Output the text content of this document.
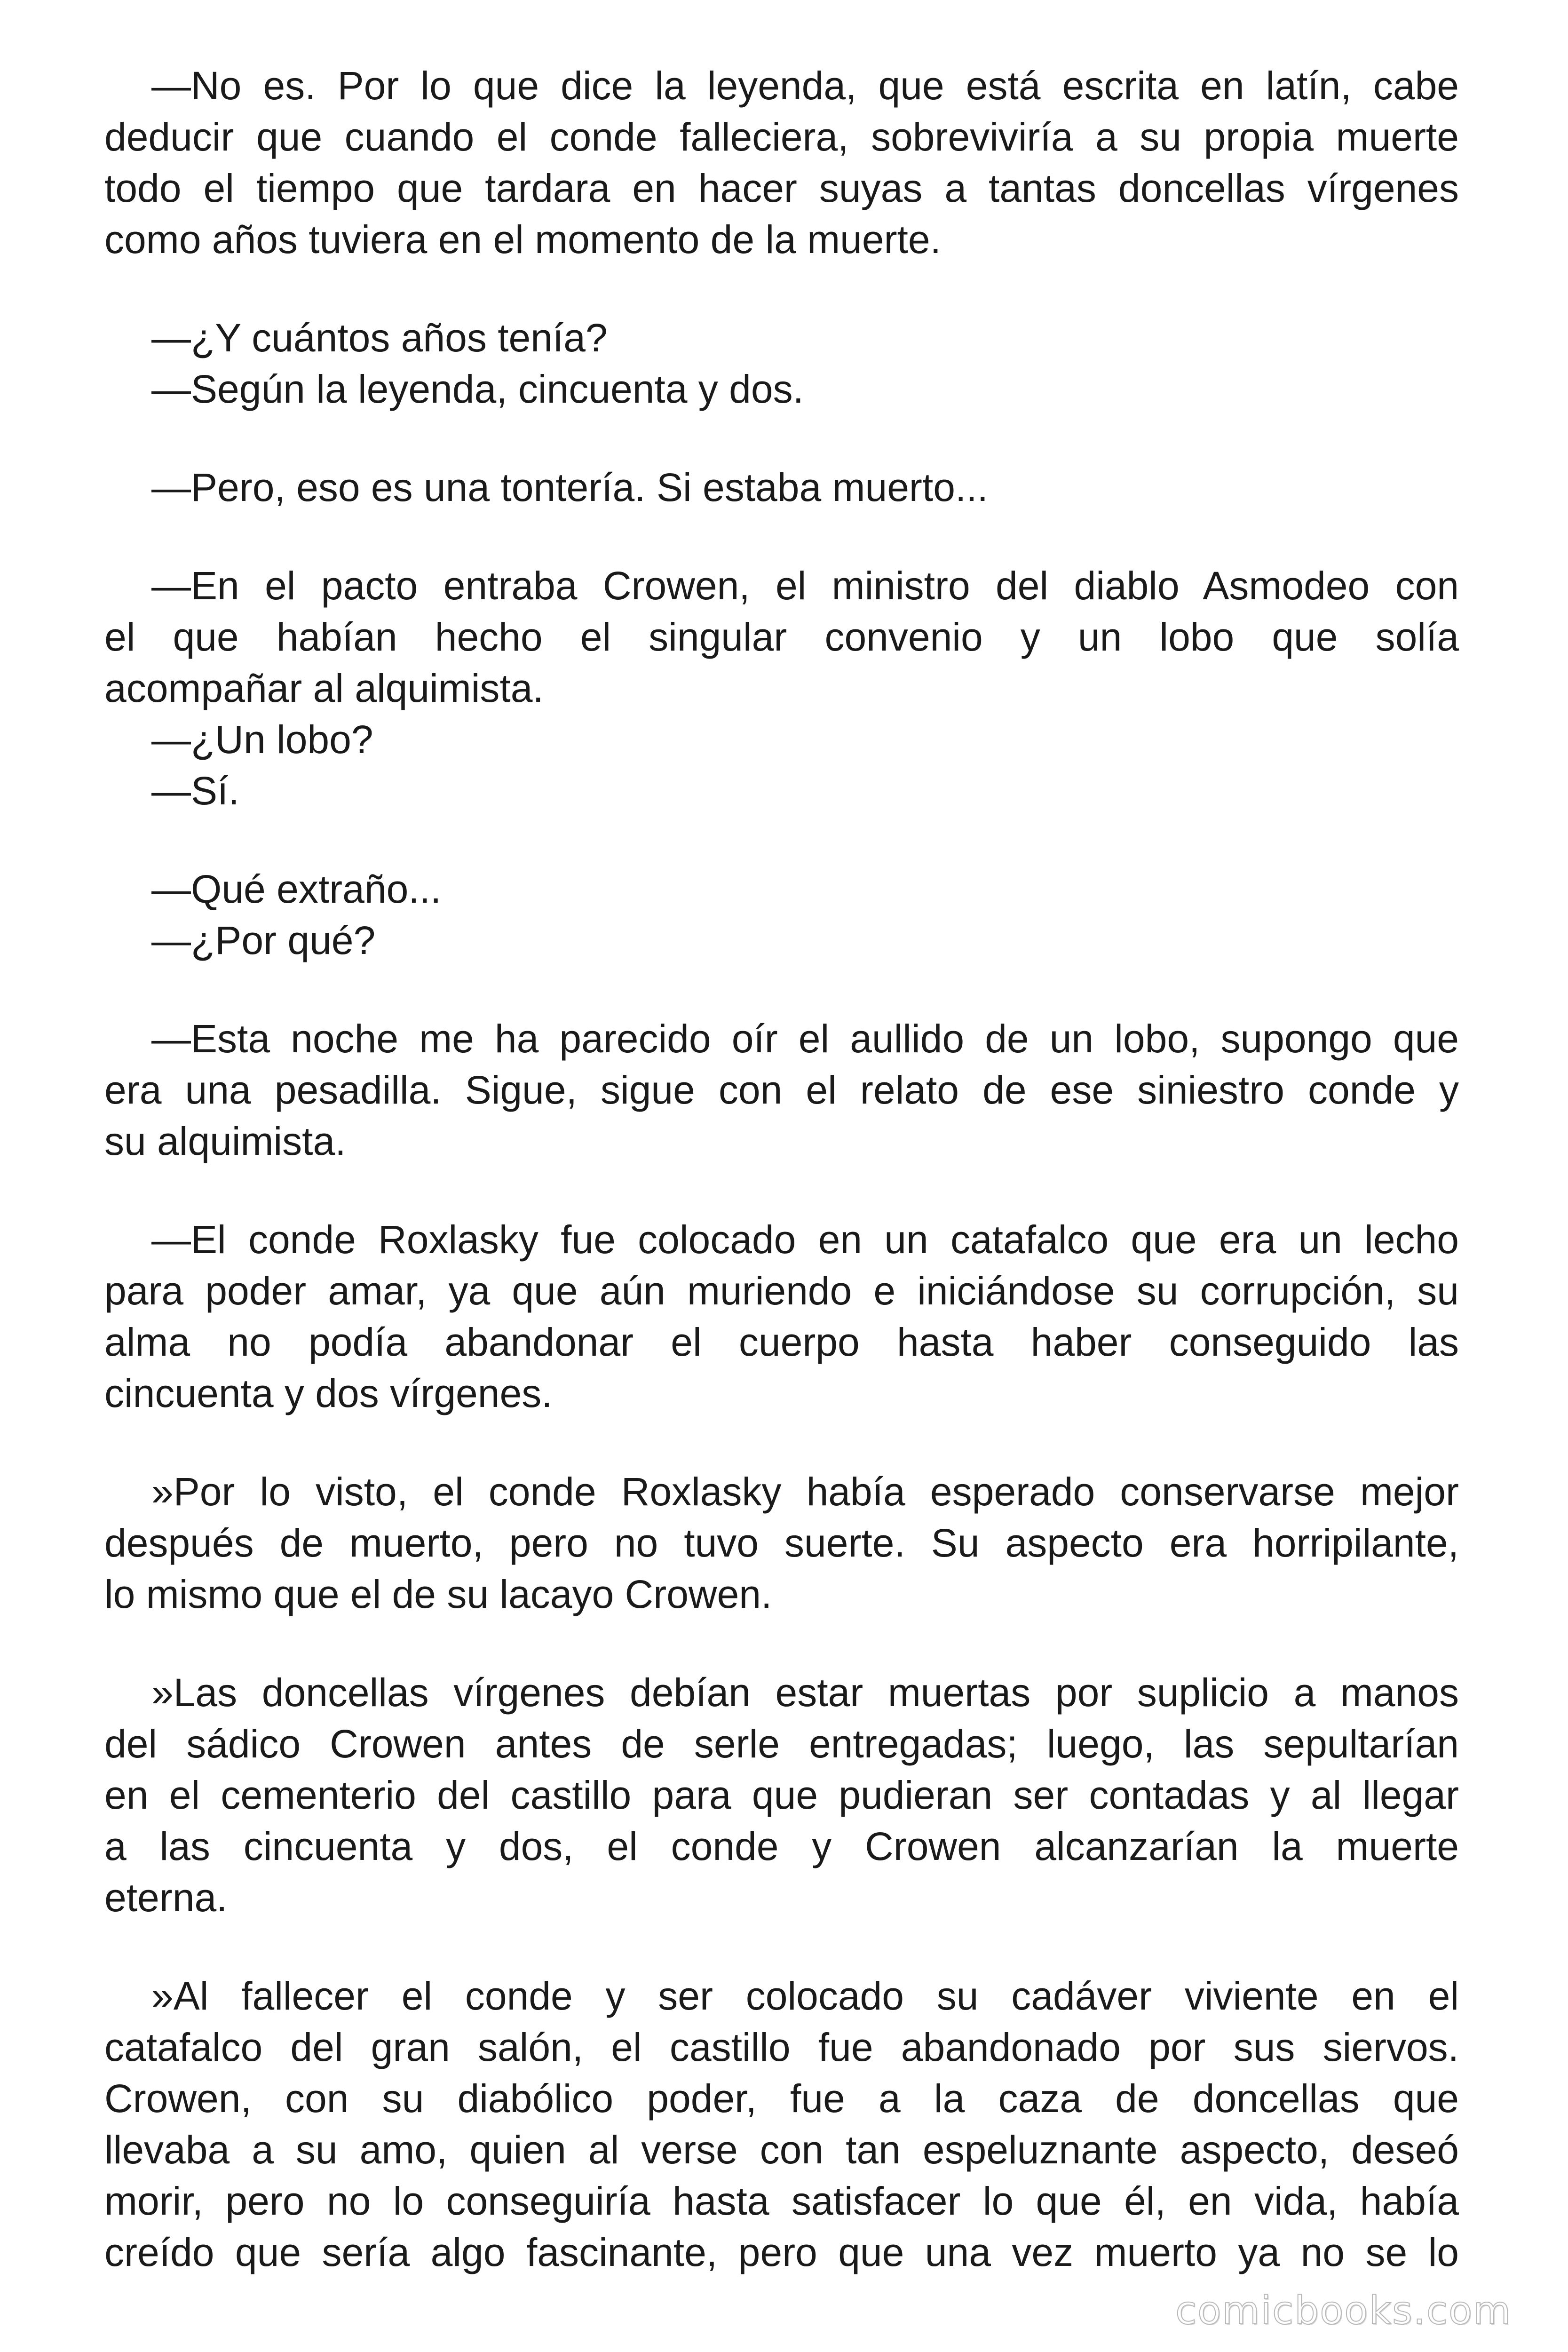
—No es. Por lo que dice la leyenda, que está escrita en latín, cabe
deducir que cuando el conde falleciera, sobreviviría a su propia muerte
todo el tiempo que tardara en hacer suyas a tantas doncellas vírgenes
como años tuviera en el momento de la muerte.
—¿Y cuántos años tenía?
—Según la leyenda, cincuenta y dos.
—Pero, eso es una tontería. Si estaba muerto...
—En el pacto entraba Crowen, el ministro del diablo Asmodeo con
el que habían hecho el singular convenio y un lobo que solía
acompañar al alquimista.
—¿Un lobo?
—Sí.
—Qué extraño...
—¿Por qué?
—Esta noche me ha parecido oír el aullido de un lobo, supongo que
era una pesadilla. Sigue, sigue con el relato de ese siniestro conde y
su alquimista.
—El conde Roxlasky fue colocado en un catafalco que era un lecho
para poder amar, ya que aún muriendo e iniciándose su corrupción, su
alma no podía abandonar el cuerpo hasta haber conseguido las
cincuenta y dos vírgenes.
»Por lo visto, el conde Roxlasky había esperado conservarse mejor
después de muerto, pero no tuvo suerte. Su aspecto era horripilante,
lo mismo que el de su lacayo Crowen.
»Las doncellas vírgenes debían estar muertas por suplicio a manos
del sádico Crowen antes de serle entregadas; luego, las sepultarían
en el cementerio del castillo para que pudieran ser contadas y al llegar
a las cincuenta y dos, el conde y Crowen alcanzarían la muerte
eterna.
»Al fallecer el conde y ser colocado su cadáver viviente en el
catafalco del gran salón, el castillo fue abandonado por sus siervos.
Crowen, con su diabólico poder, fue a la caza de doncellas que
llevaba a su amo, quien al verse con tan espeluznante aspecto, deseó
morir, pero no lo conseguiría hasta satisfacer lo que él, en vida, había
creído que sería algo fascinante, pero que una vez muerto ya no se lo
comicbooks.com
